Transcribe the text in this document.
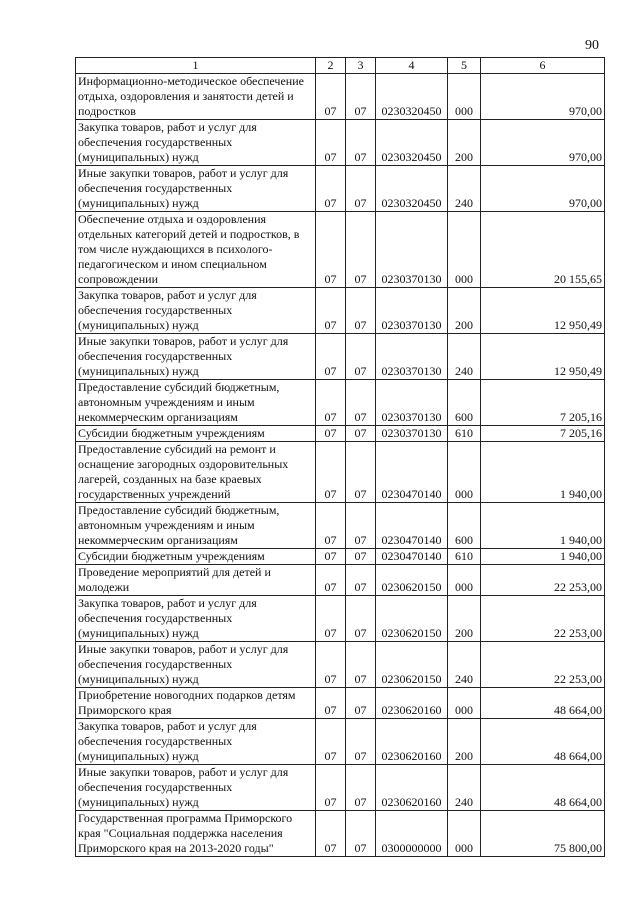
90
1	2	3	4	5	6
Информационно-методическое обеспечение отдыха, оздоровления и занятости детей и подростков	07	07	0230320450	000	970,00
Закупка товаров, работ и услуг для обеспечения государственных (муниципальных) нужд	07	07	0230320450	200	970,00
Иные закупки товаров, работ и услуг для обеспечения государственных (муниципальных) нужд	07	07	0230320450	240	970,00
Обеспечение отдыха и оздоровления отдельных категорий детей и подростков, в том числе нуждающихся в психолого-педагогическом и ином специальном сопровождении	07	07	0230370130	000	20 155,65
Закупка товаров, работ и услуг для обеспечения государственных (муниципальных) нужд	07	07	0230370130	200	12 950,49
Иные закупки товаров, работ и услуг для обеспечения государственных (муниципальных) нужд	07	07	0230370130	240	12 950,49
Предоставление субсидий бюджетным, автономным учреждениям и иным некоммерческим организациям	07	07	0230370130	600	7 205,16
Субсидии бюджетным учреждениям	07	07	0230370130	610	7 205,16
Предоставление субсидий на ремонт и оснащение загородных оздоровительных лагерей, созданных на базе краевых государственных учреждений	07	07	0230470140	000	1 940,00
Предоставление субсидий бюджетным, автономным учреждениям и иным некоммерческим организациям	07	07	0230470140	600	1 940,00
Субсидии бюджетным учреждениям	07	07	0230470140	610	1 940,00
Проведение мероприятий для детей и молодежи	07	07	0230620150	000	22 253,00
Закупка товаров, работ и услуг для обеспечения государственных (муниципальных) нужд	07	07	0230620150	200	22 253,00
Иные закупки товаров, работ и услуг для обеспечения государственных (муниципальных) нужд	07	07	0230620150	240	22 253,00
Приобретение новогодних подарков детям Приморского края	07	07	0230620160	000	48 664,00
Закупка товаров, работ и услуг для обеспечения государственных (муниципальных) нужд	07	07	0230620160	200	48 664,00
Иные закупки товаров, работ и услуг для обеспечения государственных (муниципальных) нужд	07	07	0230620160	240	48 664,00
Государственная программа Приморского края "Социальная поддержка населения Приморского края на 2013-2020 годы"	07	07	0300000000	000	75 800,00
